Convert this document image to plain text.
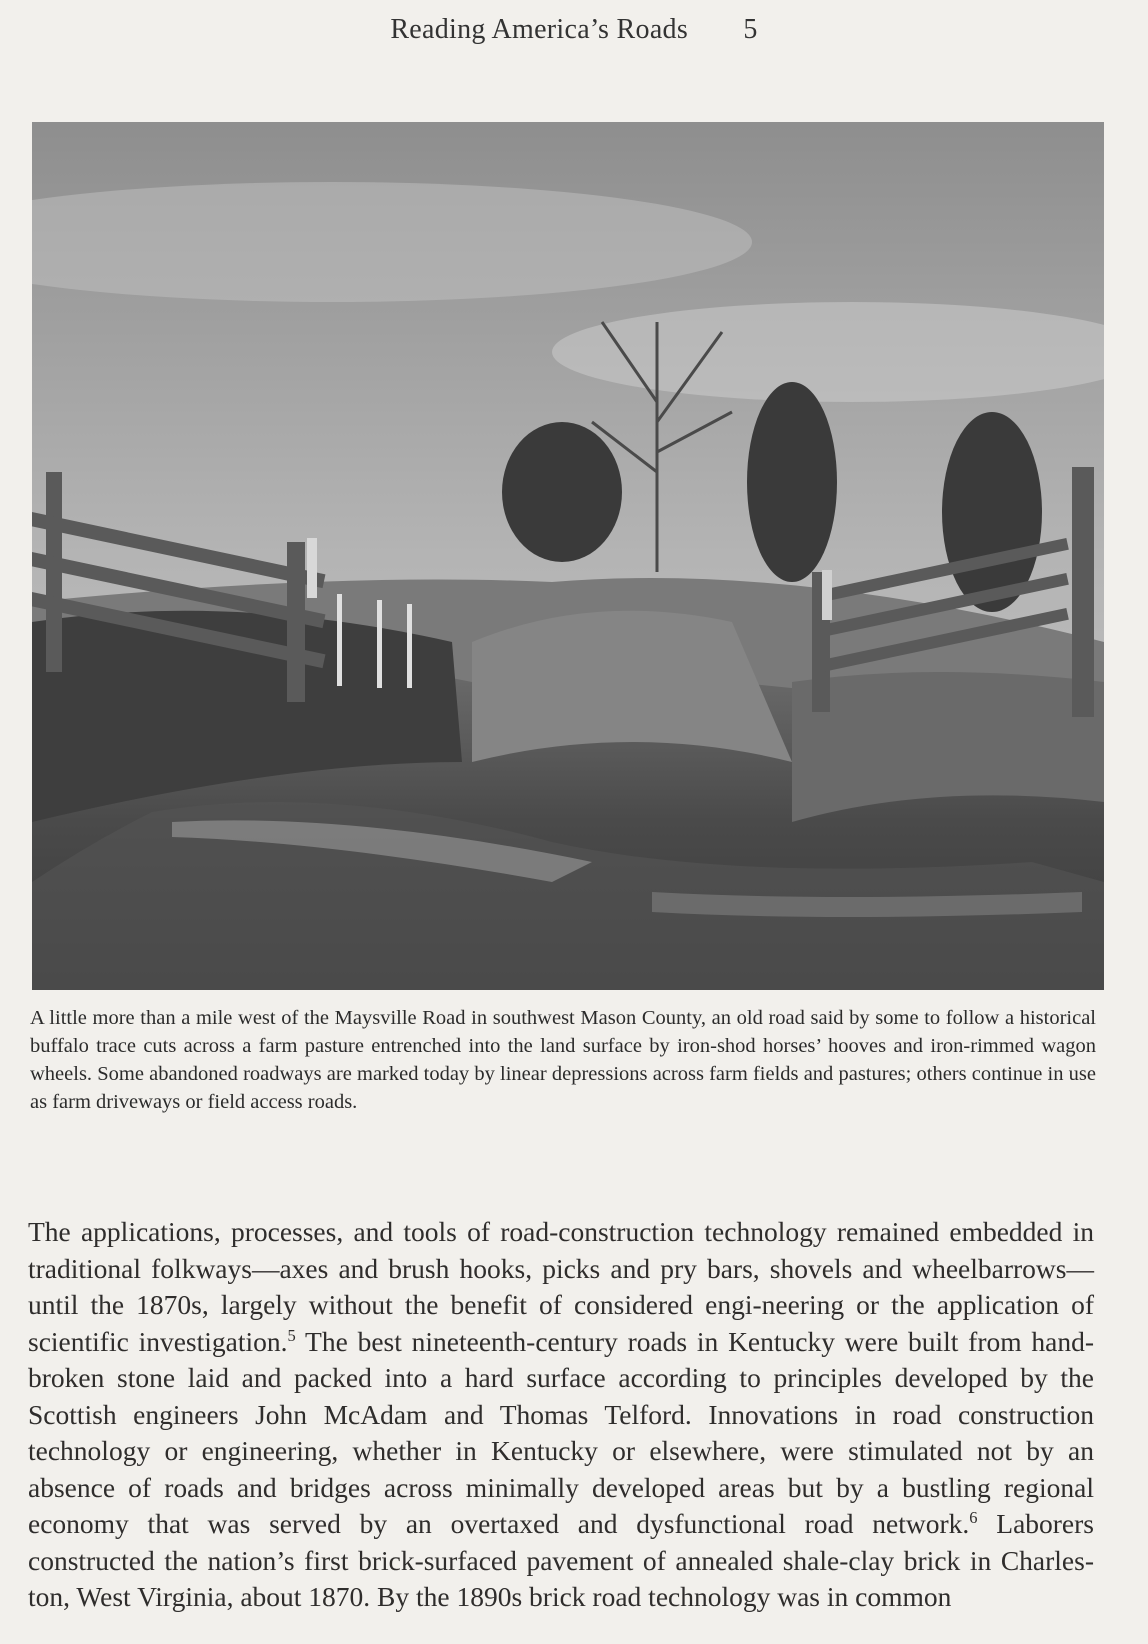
Reading America’s Roads 5
A little more than a mile west of the Maysville Road in southwest Mason County, an old road said by some to follow a historical buffalo trace cuts across a farm pasture entrenched into the land surface by iron-shod horses’ hooves and iron-rimmed wagon wheels. Some abandoned roadways are marked today by linear depressions across farm fields and pastures; others continue in use as farm driveways or field access roads.

The applications, processes, and tools of road-construction technology remained embedded in traditional folkways—axes and brush hooks, picks and pry bars, shovels and wheelbarrows—until the 1870s, largely without the benefit of considered engi-neering or the application of scientific investigation.$^5$ The best nineteenth-century roads in Kentucky were built from hand-broken stone laid and packed into a hard surface according to principles developed by the Scottish engineers John McAdam and Thomas Telford. Innovations in road construction technology or engineering, whether in Kentucky or elsewhere, were stimulated not by an absence of roads and bridges across minimally developed areas but by a bustling regional economy that was served by an overtaxed and dysfunctional road network.$^6$ Laborers constructed the nation’s first brick-surfaced pavement of annealed shale-clay brick in Charles-ton, West Virginia, about 1870. By the 1890s brick road technology was in common
